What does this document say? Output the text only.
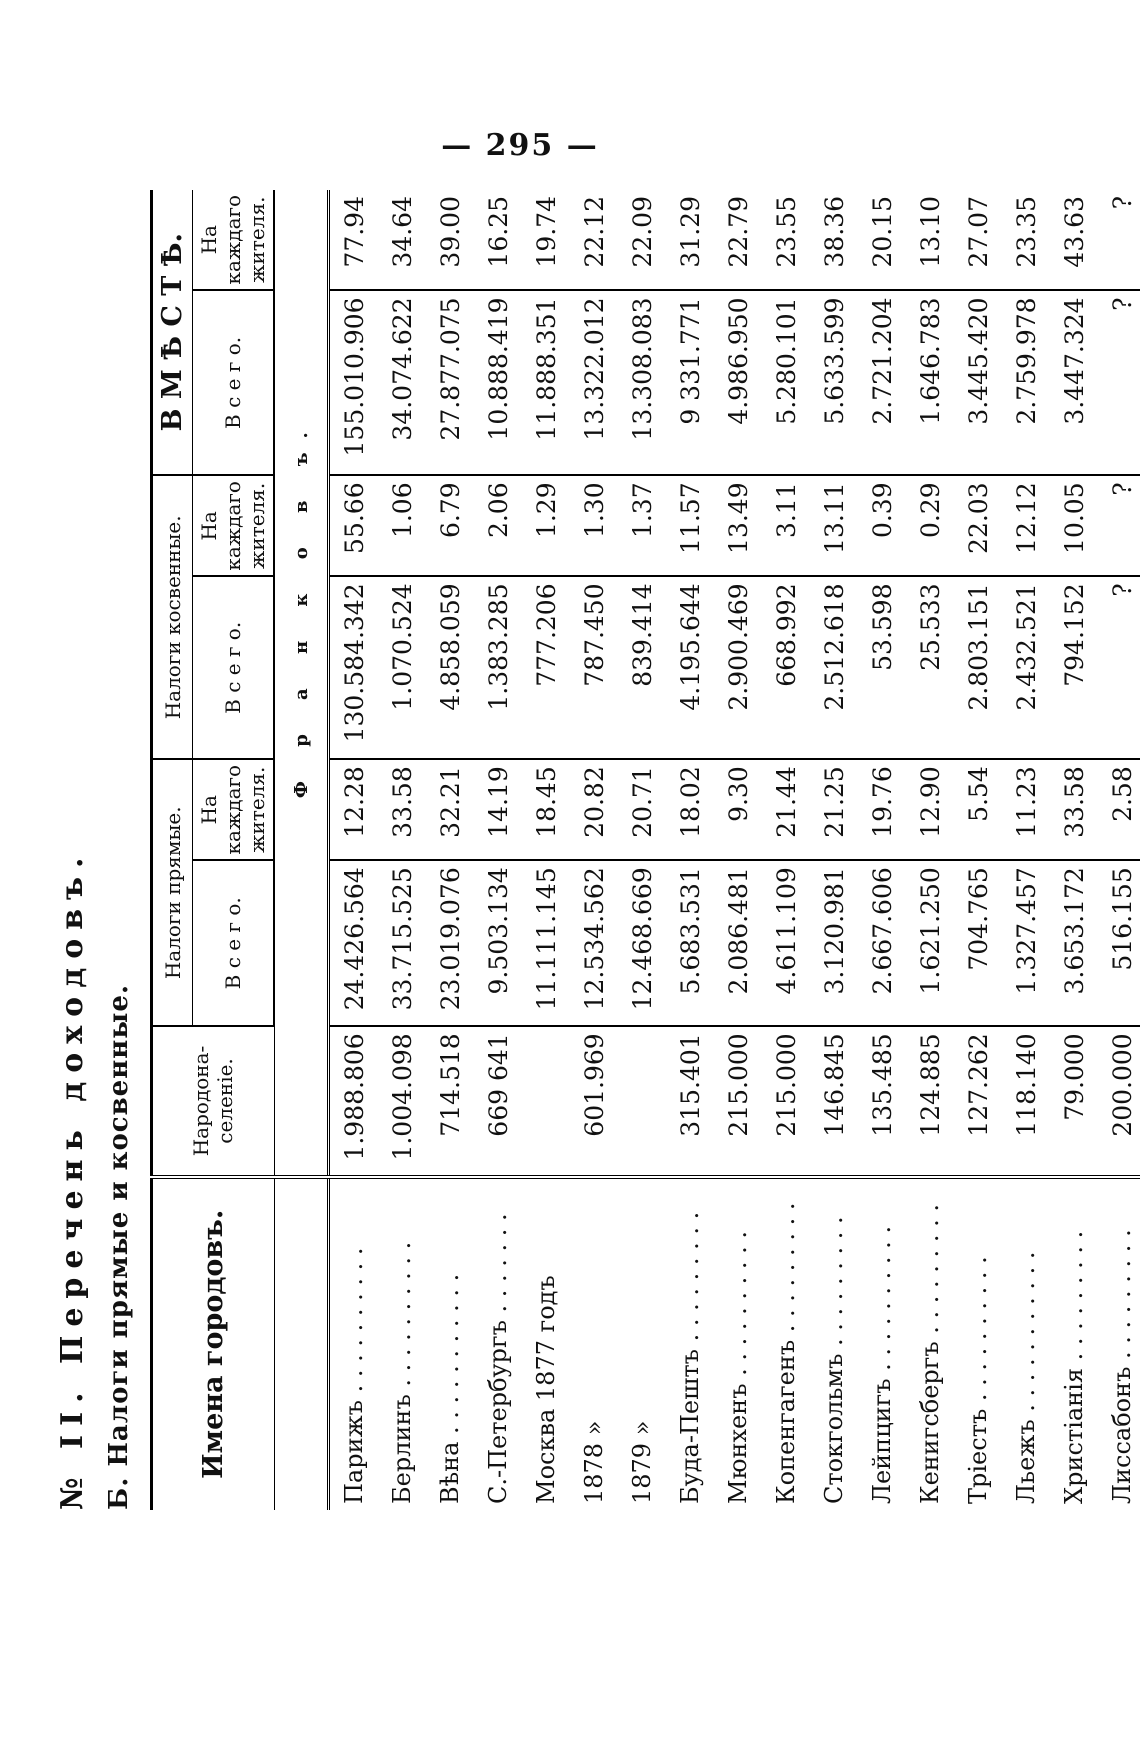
— 295 —
№ II. Перечень доходовъ. Б. Налоги прямые и косвенные. Имена городовъ.	Народона-селеніе.	Налоги прямые.		Налоги косвенные.		В М Ѣ С Т Ѣ.	
		В с е г о.	На каждаго жителя.	В с е г о.	На каждаго жителя.	В с е г о.	На каждаго жителя.
		Ф р а н к о в ъ.					
Парижъ . . . . . . . . . .	1.988.806	24.426.564	12.28	130.584.342	55.66	155.010.906	77.94
Берлинъ . . . . . . . . . .	1.004.098	33.715.525	33.58	1.070.524	1.06	34.074.622	34.64
Вѣна . . . . . . . . . . .	714.518	23.019.076	32.21	4.858.059	6.79	27.877.075	39.00
С.-Петербургъ . . . . . . .	669 641	9.503.134	14.19	1.383.285	2.06	10.888.419	16.25
Москва 1877 годъ		11.111.145	18.45	777.206	1.29	11.888.351	19.74
1878 »	601.969	12.534.562	20.82	787.450	1.30	13.322.012	22.12
1879 »		12.468.669	20.71	839.414	1.37	13.308.083	22.09
Буда-Пештъ . . . . . . . . .	315.401	5.683.531	18.02	4.195.644	11.57	9 331.771	31.29
Мюнхенъ . . . . . . . . . .	215.000	2.086.481	9.30	2.900.469	13.49	4.986.950	22.79
Копенгагенъ . . . . . . . . .	215.000	4.611.109	21.44	668.992	3.11	5.280.101	23.55
Стокгольмъ . . . . . . . . .	146.845	3.120.981	21.25	2.512.618	13.11	5.633.599	38.36
Лейпцигъ . . . . . . . . . .	135.485	2.667.606	19.76	53.598	0.39	2.721.204	20.15
Кенигсбергъ . . . . . . . . .	124.885	1.621.250	12.90	25.533	0.29	1.646.783	13.10
Тріестъ . . . . . . . . . .	127.262	704.765	5.54	2.803.151	22.03	3.445.420	27.07
Льежъ . . . . . . . . . . .	118.140	1.327.457	11.23	2.432.521	12.12	2.759.978	23.35
Христіанія . . . . . . . . .	79.000	3.653.172	33.58	794.152	10.05	3.447.324	43.63
Лиссабонъ . . . . . . . . .	200.000	516.155	2.58	?	?	?	?
